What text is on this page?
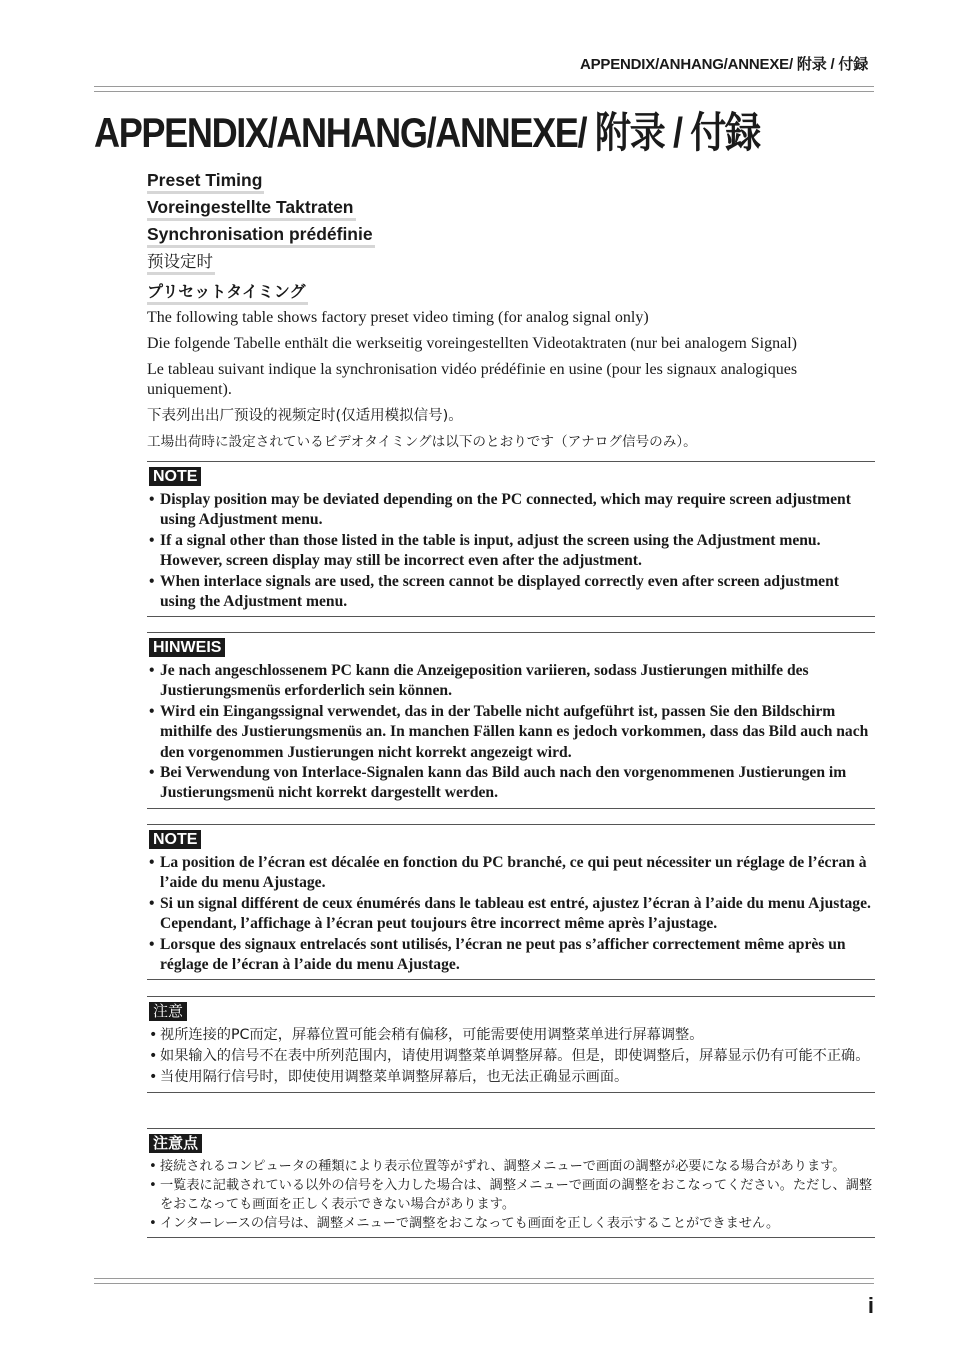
APPENDIX/ANHANG/ANNEXE/ 附录 / 付録
APPENDIX/ANHANG/ANNEXE/ 附录 / 付録
Preset Timing
Voreingestellte Taktraten
Synchronisation prédéfinie
预设定时
プリセットタイミング

The following table shows factory preset video timing (for analog signal only)

Die folgende Tabelle enthält die werkseitig voreingestellten Videotaktraten (nur bei analogem Signal)

Le tableau suivant indique la synchronisation vidéo prédéfinie en usine (pour les signaux analogiques uniquement).

下表列出出厂预设的视频定时(仅适用模拟信号)。

工場出荷時に設定されているビデオタイミングは以下のとおりです（アナログ信号のみ）。

NOTE
• Display position may be deviated depending on the PC connected, which may require screen adjustment using Adjustment menu.
• If a signal other than those listed in the table is input, adjust the screen using the Adjustment menu. However, screen display may still be incorrect even after the adjustment.
• When interlace signals are used, the screen cannot be displayed correctly even after screen adjustment using the Adjustment menu.
HINWEIS
• Je nach angeschlossenem PC kann die Anzeigeposition variieren, sodass Justierungen mithilfe des Justierungsmenüs erforderlich sein können.
• Wird ein Eingangssignal verwendet, das in der Tabelle nicht aufgeführt ist, passen Sie den Bildschirm mithilfe des Justierungsmenüs an. In manchen Fällen kann es jedoch vorkommen, dass das Bild auch nach den vorgenommen Justierungen nicht korrekt angezeigt wird.
• Bei Verwendung von Interlace-Signalen kann das Bild auch nach den vorgenommenen Justierungen im Justierungsmenü nicht korrekt dargestellt werden.
NOTE
• La position de l’écran est décalée en fonction du PC branché, ce qui peut nécessiter un réglage de l’écran à l’aide du menu Ajustage.
• Si un signal différent de ceux énumérés dans le tableau est entré, ajustez l’écran à l’aide du menu Ajustage. Cependant, l’affichage à l’écran peut toujours être incorrect même après l’ajustage.
• Lorsque des signaux entrelacés sont utilisés, l’écran ne peut pas s’afficher correctement même après un réglage de l’écran à l’aide du menu Ajustage.
注意
• 视所连接的PC而定，屏幕位置可能会稍有偏移，可能需要使用调整菜单进行屏幕调整。
• 如果输入的信号不在表中所列范围内，请使用调整菜单调整屏幕。但是，即使调整后，屏幕显示仍有可能不正确。
• 当使用隔行信号时，即使使用调整菜单调整屏幕后，也无法正确显示画面。
注意点
• 接続されるコンピュータの種類により表示位置等がずれ、調整メニューで画面の調整が必要になる場合があります。
• 一覧表に記載されている以外の信号を入力した場合は、調整メニューで画面の調整をおこなってください。ただし、調整をおこなっても画面を正しく表示できない場合があります。
• インターレースの信号は、調整メニューで調整をおこなっても画面を正しく表示することができません。
i
